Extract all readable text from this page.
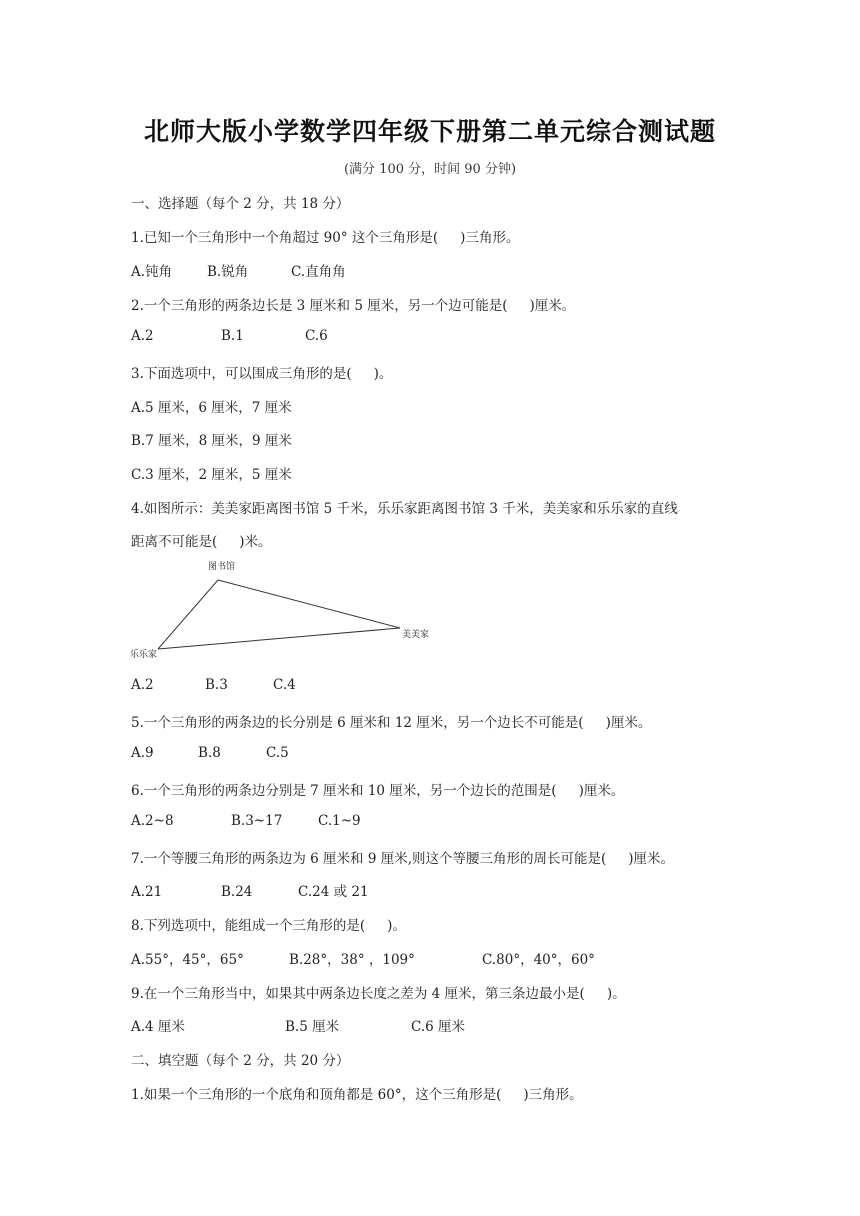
北师大版小学数学四年级下册第二单元综合测试题
(满分 100 分，时间 90 分钟)
一、选择题（每个 2 分，共 18 分）
1.已知一个三角形中一个角超过 90° 这个三角形是( )三角形。
A.钝角	B.锐角	C.直角角
2.一个三角形的两条边长是 3 厘米和 5 厘米，另一个边可能是( )厘米。
A.2	B.1	C.6
3.下面选项中，可以围成三角形的是( )。
A.5 厘米，6 厘米，7 厘米
B.7 厘米，8 厘米，9 厘米
C.3 厘米，2 厘米，5 厘米
4.如图所示：美美家距离图书馆 5 千米，乐乐家距离图书馆 3 千米，美美家和乐乐家的直线
距离不可能是( )米。
图书馆
美美家
乐乐家
A.2	B.3	C.4
5.一个三角形的两条边的长分别是 6 厘米和 12 厘米，另一个边长不可能是( )厘米。
A.9	B.8	C.5
6.一个三角形的两条边分别是 7 厘米和 10 厘米，另一个边长的范围是( )厘米。
A.2~8	B.3~17	C.1~9
7.一个等腰三角形的两条边为 6 厘米和 9 厘米,则这个等腰三角形的周长可能是( )厘米。
A.21	B.24	C.24 或 21
8.下列选项中，能组成一个三角形的是( )。
A.55°，45°，65°	B.28°，38° ，109°	C.80°，40°，60°
9.在一个三角形当中，如果其中两条边长度之差为 4 厘米，第三条边最小是( )。
A.4 厘米	B.5 厘米	C.6 厘米
二、填空题（每个 2 分，共 20 分）
1.如果一个三角形的一个底角和顶角都是 60°，这个三角形是( )三角形。
